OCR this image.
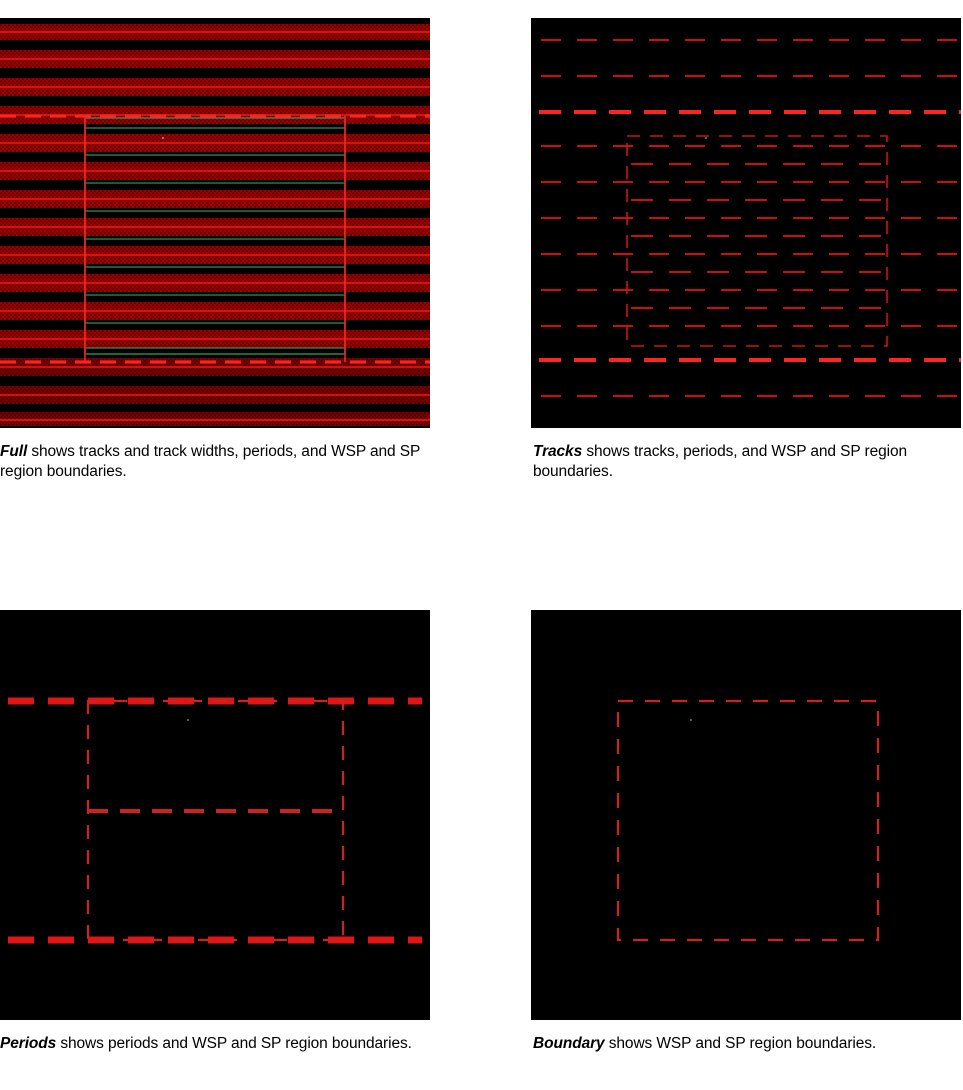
Full shows tracks and track widths, periods, and WSP and SP region boundaries.
Tracks shows tracks, periods, and WSP and SP region boundaries.
Periods shows periods and WSP and SP region boundaries.	Boundary shows WSP and SP region boundaries.
